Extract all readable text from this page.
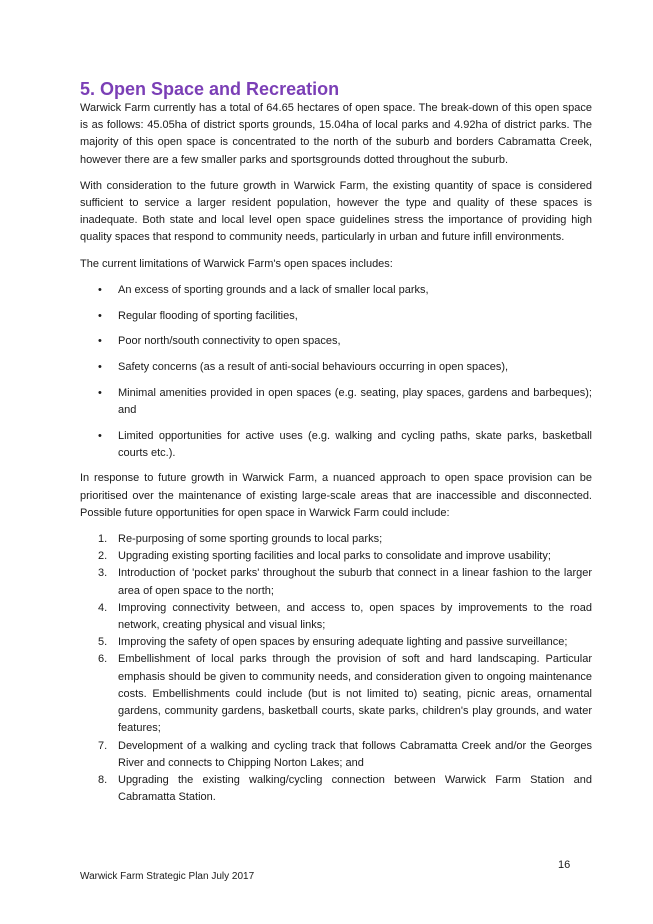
5. Open Space and Recreation

Warwick Farm currently has a total of 64.65 hectares of open space. The break-down of this open space is as follows: 45.05ha of district sports grounds, 15.04ha of local parks and 4.92ha of district parks. The majority of this open space is concentrated to the north of the suburb and borders Cabramatta Creek, however there are a few smaller parks and sportsgrounds dotted throughout the suburb.

With consideration to the future growth in Warwick Farm, the existing quantity of space is considered sufficient to service a larger resident population, however the type and quality of these spaces is inadequate. Both state and local level open space guidelines stress the importance of providing high quality spaces that respond to community needs, particularly in urban and future infill environments.

The current limitations of Warwick Farm's open spaces includes:

• An excess of sporting grounds and a lack of smaller local parks,
• Regular flooding of sporting facilities,
• Poor north/south connectivity to open spaces,
• Safety concerns (as a result of anti-social behaviours occurring in open spaces),
• Minimal amenities provided in open spaces (e.g. seating, play spaces, gardens and barbeques); and
• Limited opportunities for active uses (e.g. walking and cycling paths, skate parks, basketball courts etc.).

In response to future growth in Warwick Farm, a nuanced approach to open space provision can be prioritised over the maintenance of existing large-scale areas that are inaccessible and disconnected. Possible future opportunities for open space in Warwick Farm could include:

1. Re-purposing of some sporting grounds to local parks;
2. Upgrading existing sporting facilities and local parks to consolidate and improve usability;
3. Introduction of 'pocket parks' throughout the suburb that connect in a linear fashion to the larger area of open space to the north;
4. Improving connectivity between, and access to, open spaces by improvements to the road network, creating physical and visual links;
5. Improving the safety of open spaces by ensuring adequate lighting and passive surveillance;
6. Embellishment of local parks through the provision of soft and hard landscaping. Particular emphasis should be given to community needs, and consideration given to ongoing maintenance costs. Embellishments could include (but is not limited to) seating, picnic areas, ornamental gardens, community gardens, basketball courts, skate parks, children's play grounds, and water features;
7. Development of a walking and cycling track that follows Cabramatta Creek and/or the Georges River and connects to Chipping Norton Lakes; and
8. Upgrading the existing walking/cycling connection between Warwick Farm Station and Cabramatta Station.
16
Warwick Farm Strategic Plan July 2017
